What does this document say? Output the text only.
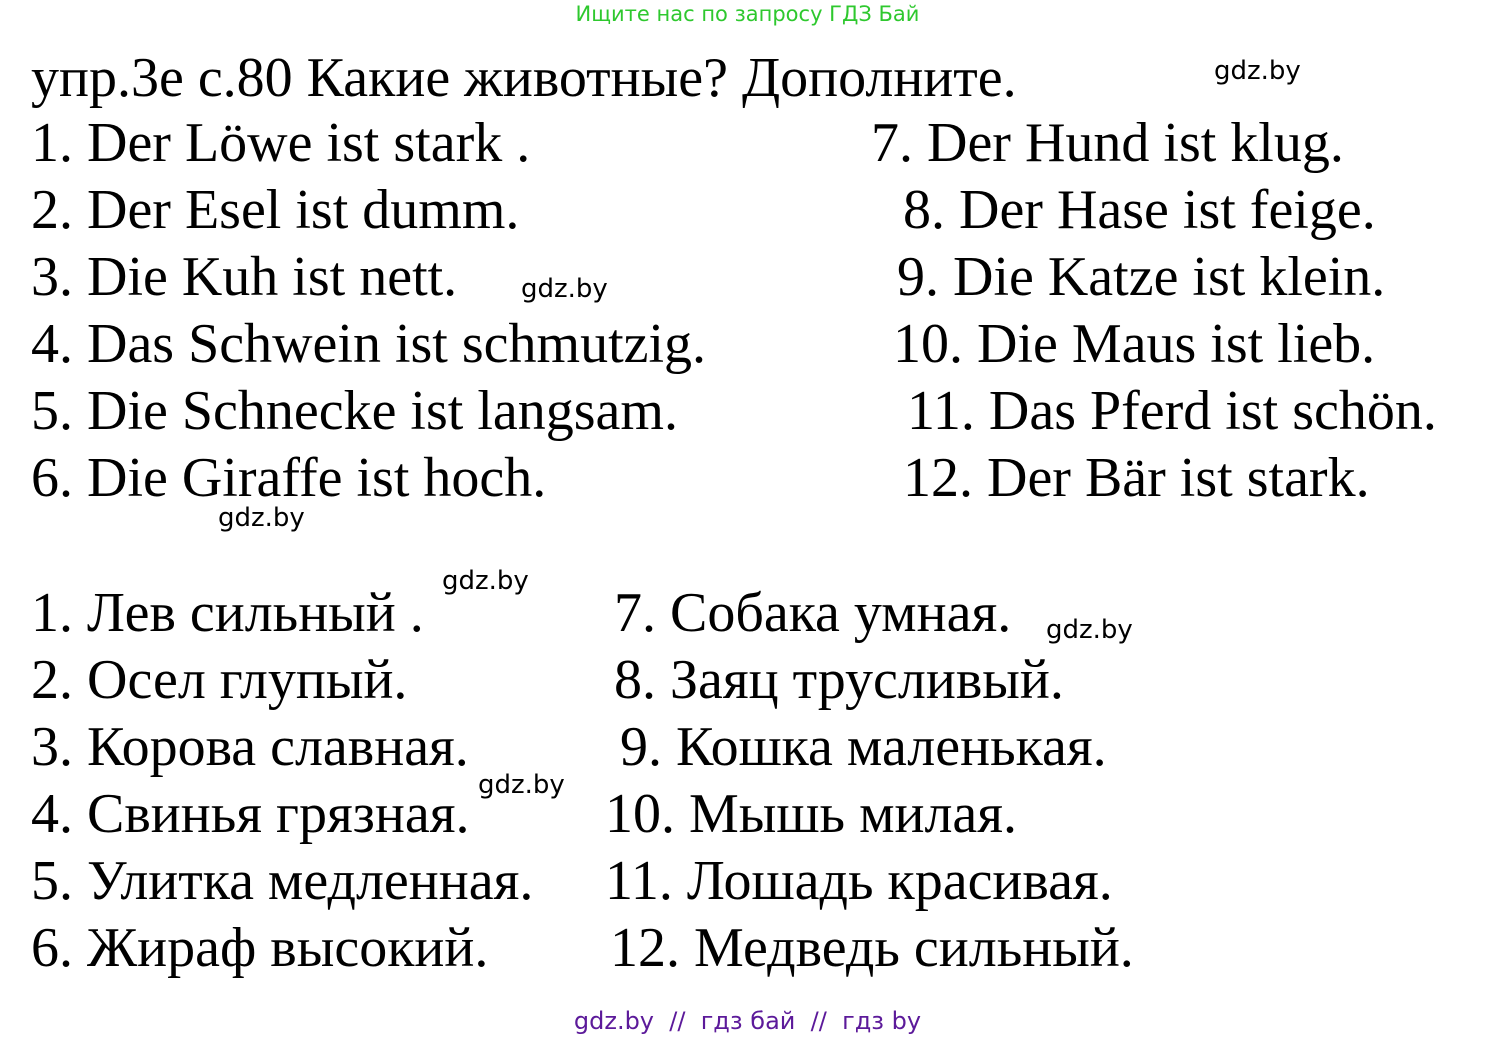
Ищите нас по запросу ГДЗ Бай
упр.3е с.80 Какие животные? Дополните.
1. Der Löwe ist stark .
2. Der Esel ist dumm.
3. Die Kuh ist nett.
4. Das Schwein ist schmutzig.
5. Die Schnecke ist langsam.
6. Die Giraffe ist hoch.
7. Der Hund ist klug.
8. Der Hase ist feige.
9. Die Katze ist klein.
10. Die Maus ist lieb.
11. Das Pferd ist schön.
12. Der Bär ist stark.
1. Лев сильный .
2. Осел глупый.
3. Корова славная.
4. Свинья грязная.
5. Улитка медленная.
6. Жираф высокий.
7. Собака умная.
8. Заяц трусливый.
9. Кошка маленькая.
10. Мышь милая.
11. Лошадь красивая.
12. Медведь сильный.
gdz.by
gdz.by
gdz.by
gdz.by
gdz.by
gdz.by
gdz.by  //  гдз бай  //  гдз by
